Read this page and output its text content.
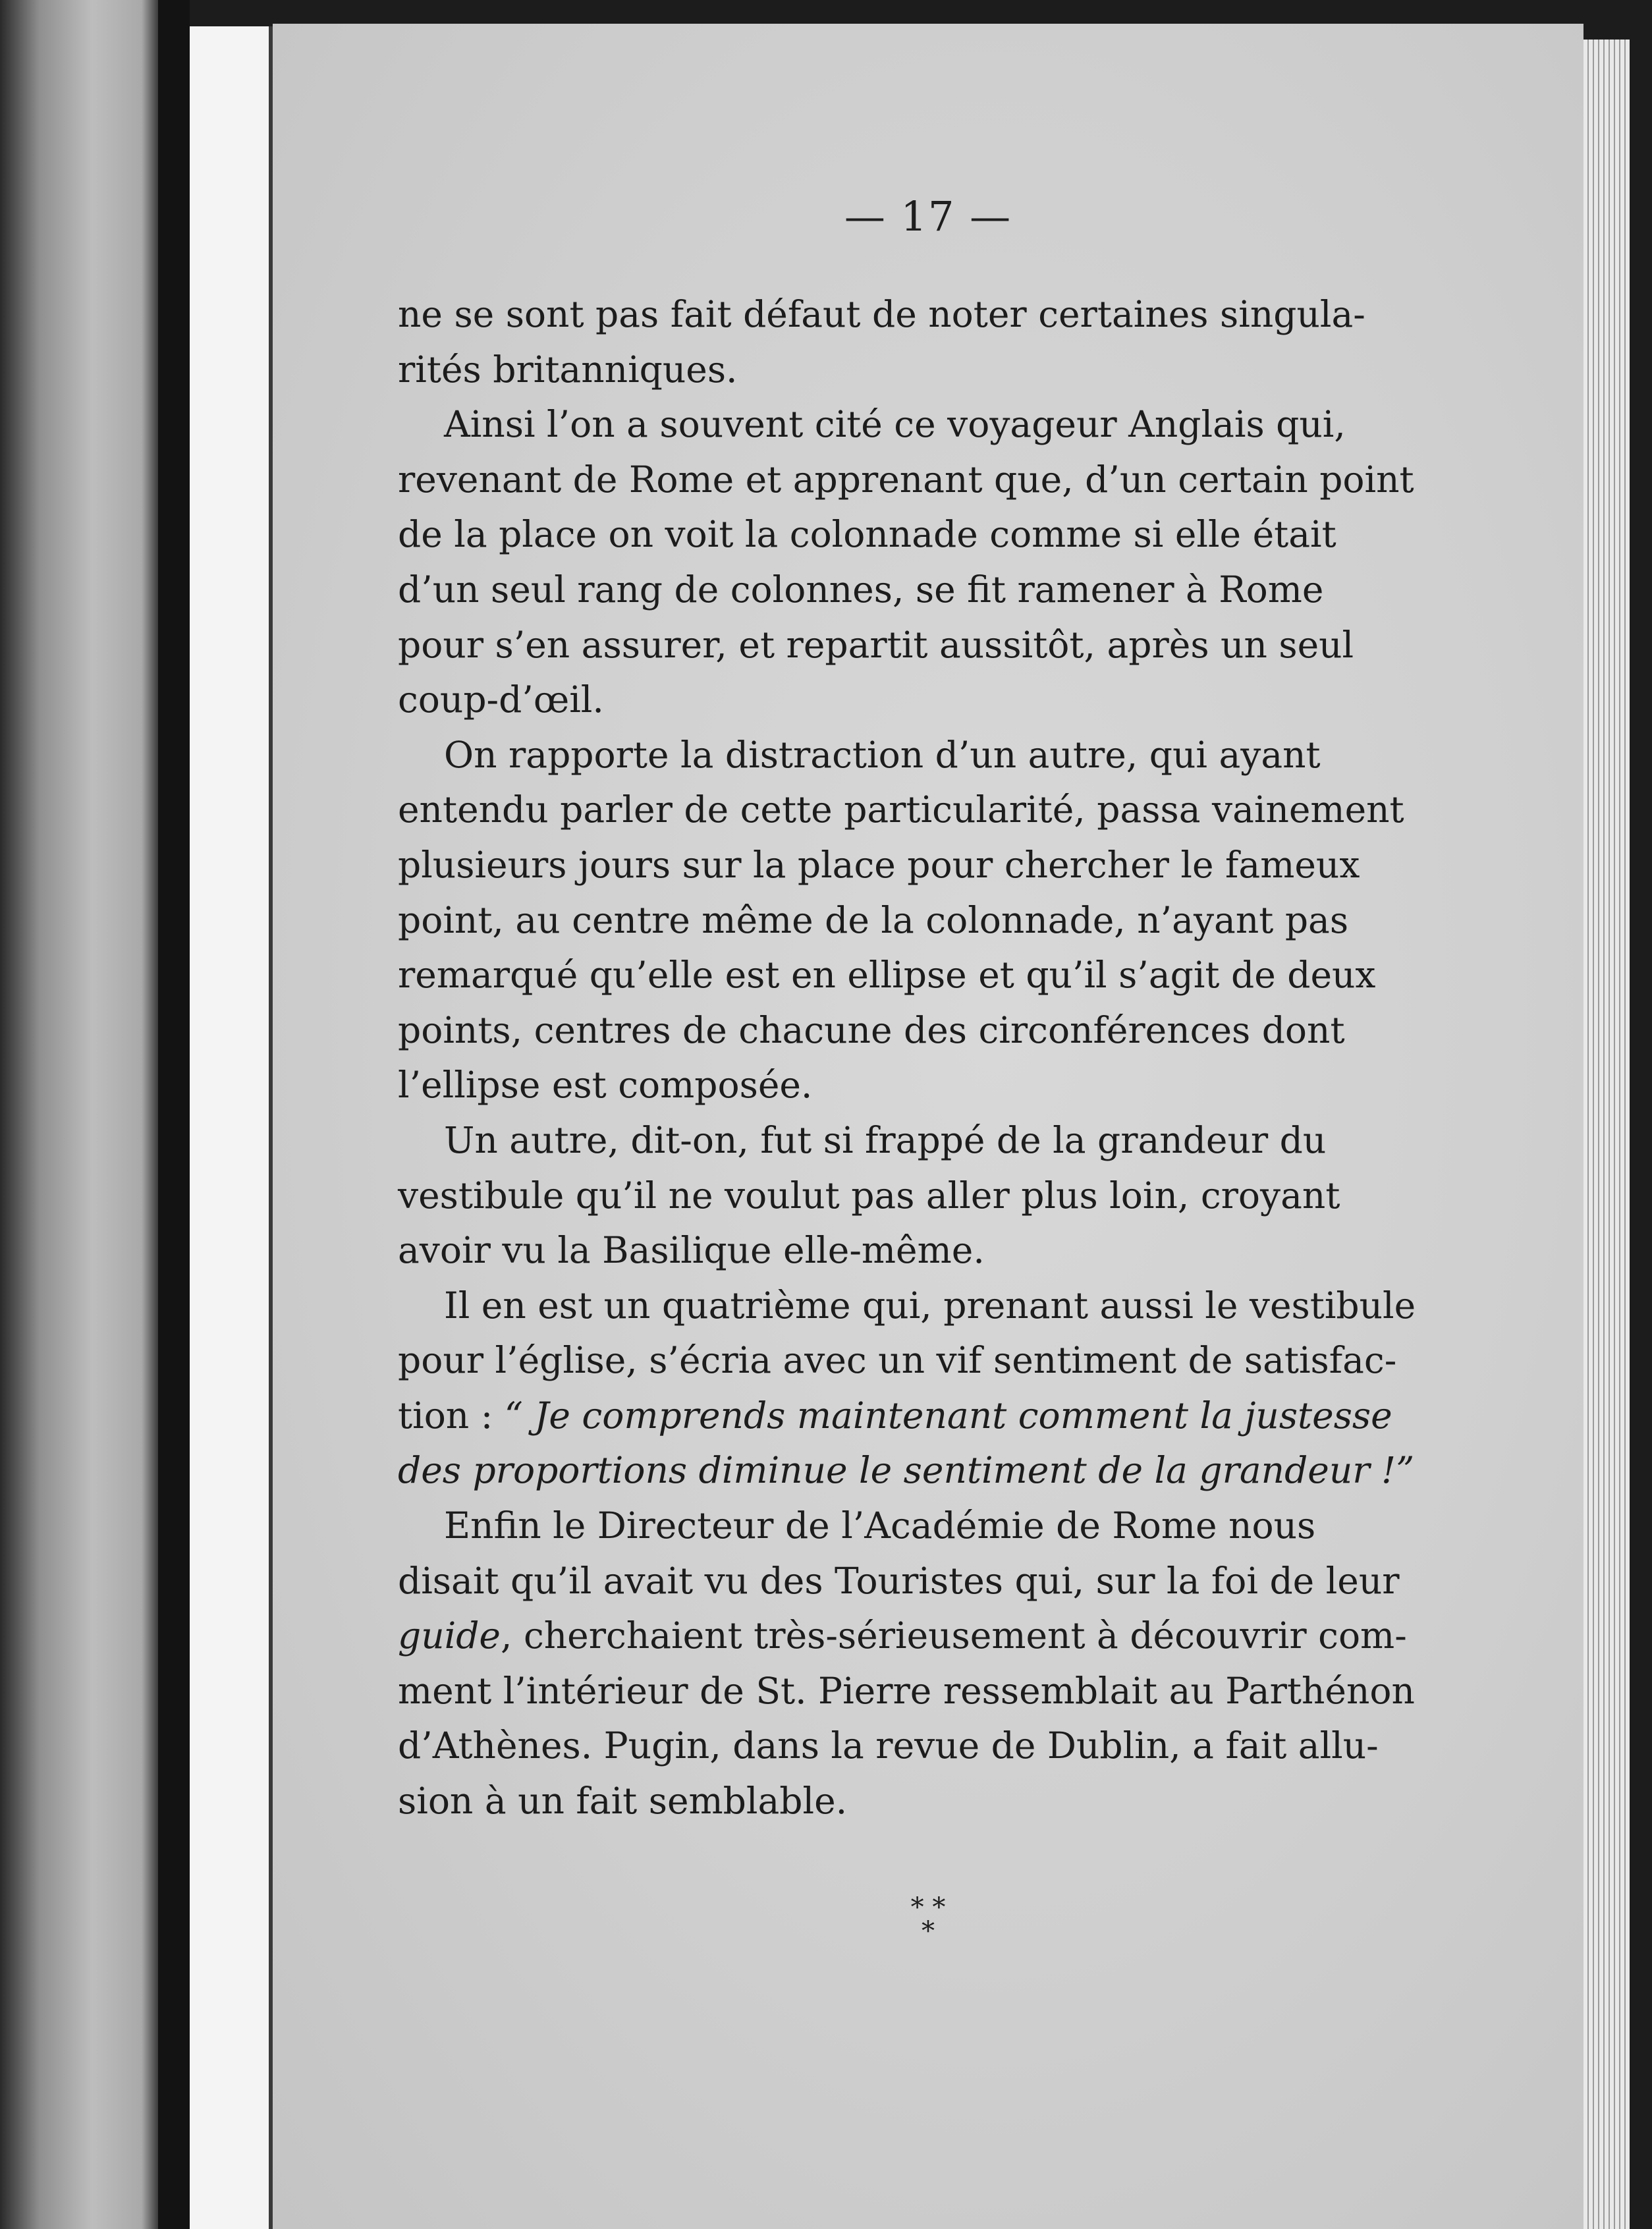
— 17 —
ne se sont pas fait défaut de noter certaines singula-
rités britanniques.
Ainsi l’on a souvent cité ce voyageur Anglais qui,
revenant de Rome et apprenant que, d’un certain point
de la place on voit la colonnade comme si elle était
d’un seul rang de colonnes, se fit ramener à Rome
pour s’en assurer, et repartit aussitôt, après un seul
coup-d’œil.
On rapporte la distraction d’un autre, qui ayant
entendu parler de cette particularité, passa vainement
plusieurs jours sur la place pour chercher le fameux
point, au centre même de la colonnade, n’ayant pas
remarqué qu’elle est en ellipse et qu’il s’agit de deux
points, centres de chacune des circonférences dont
l’ellipse est composée.
Un autre, dit-on, fut si frappé de la grandeur du
vestibule qu’il ne voulut pas aller plus loin, croyant
avoir vu la Basilique elle-même.
Il en est un quatrième qui, prenant aussi le vestibule
pour l’église, s’écria avec un vif sentiment de satisfac-
tion : “ Je comprends maintenant comment la justesse
des proportions diminue le sentiment de la grandeur !”
Enfin le Directeur de l’Académie de Rome nous
disait qu’il avait vu des Touristes qui, sur la foi de leur
guide, cherchaient très-sérieusement à découvrir com-
ment l’intérieur de St. Pierre ressemblait au Parthénon
d’Athènes. Pugin, dans la revue de Dublin, a fait allu-
sion à un fait semblable.
* *
*
